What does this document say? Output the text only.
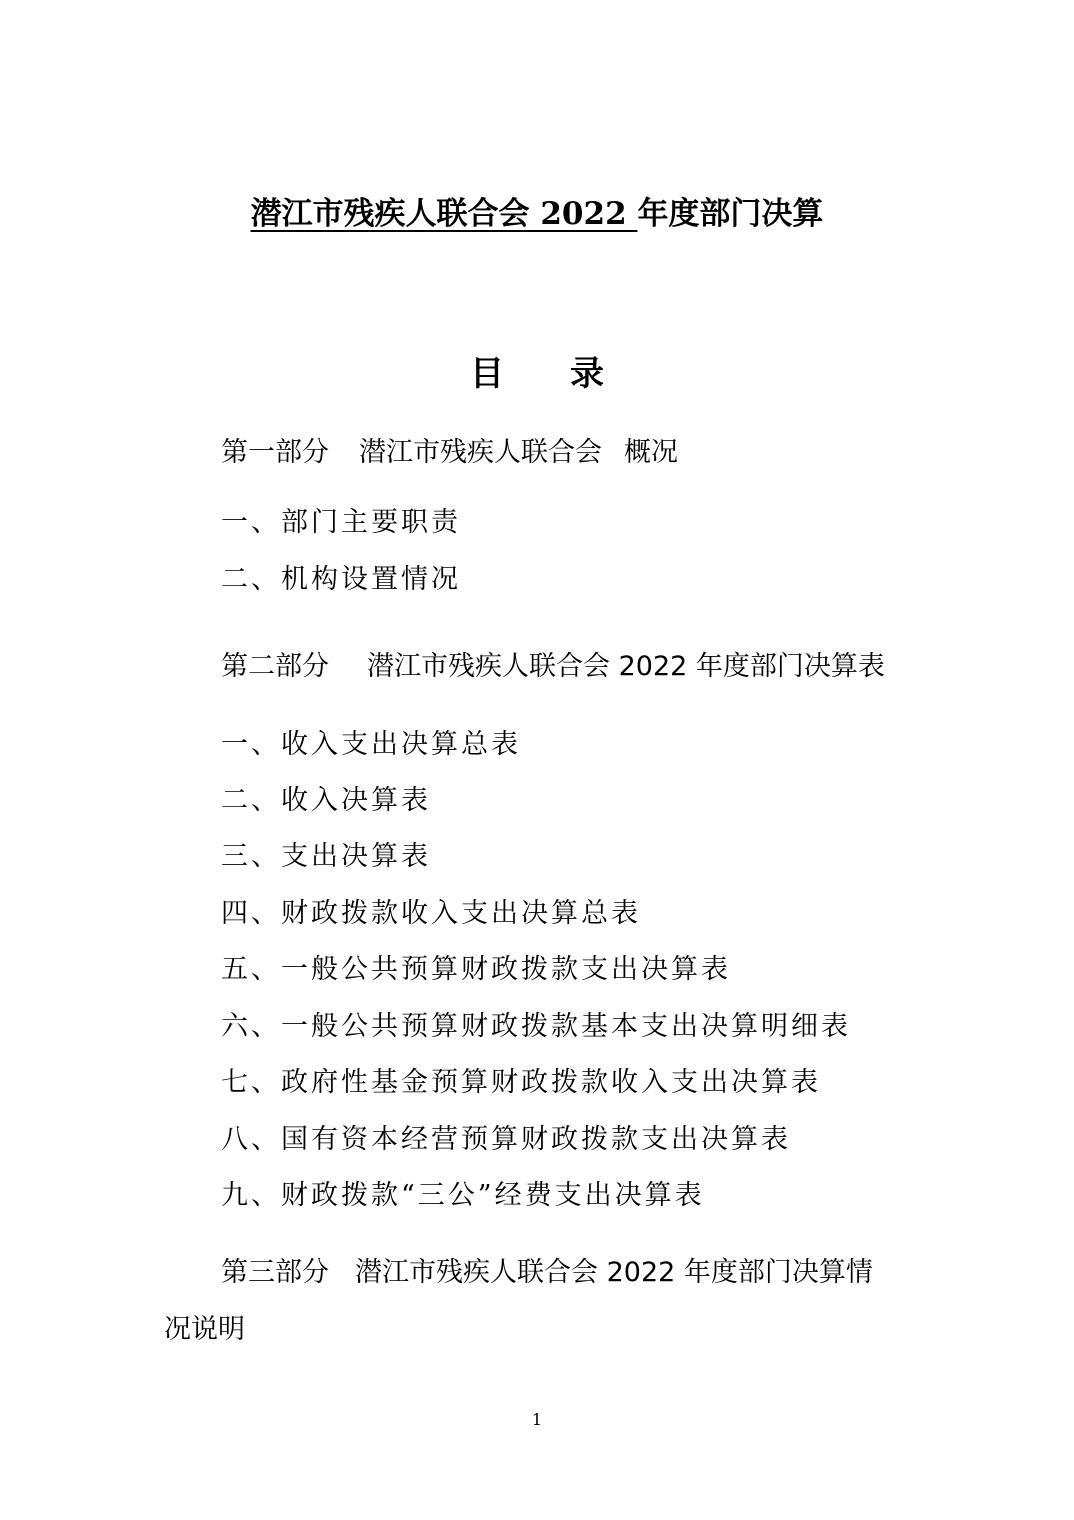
潜江市残疾人联合会 2022 年度部门决算
目 录
第一部分 潜江市残疾人联合会 概况
一、部门主要职责
二、机构设置情况
第二部分 潜江市残疾人联合会 2022 年度部门决算表
一、收入支出决算总表
二、收入决算表
三、支出决算表
四、财政拨款收入支出决算总表
五、一般公共预算财政拨款支出决算表
六、一般公共预算财政拨款基本支出决算明细表
七、政府性基金预算财政拨款收入支出决算表
八、国有资本经营预算财政拨款支出决算表
九、财政拨款“三公”经费支出决算表
第三部分 潜江市残疾人联合会 2022 年度部门决算情
况说明
1
